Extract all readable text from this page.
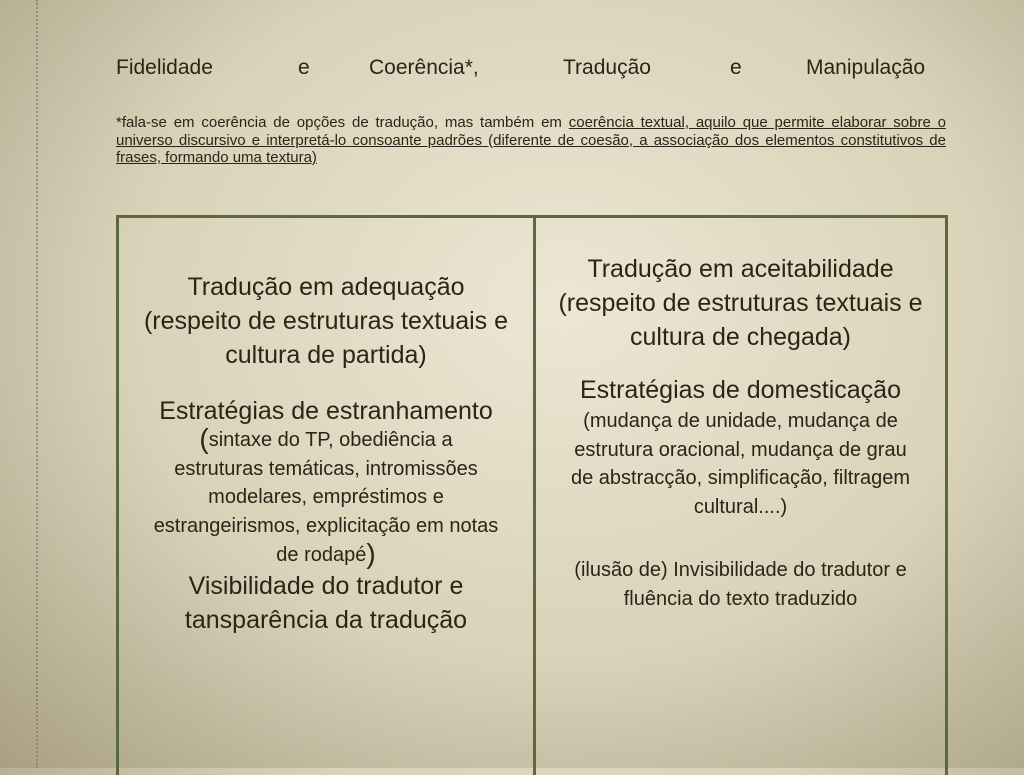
Fidelidade	e	Coerência*,	Tradução	e	Manipulação
*fala-se em coerência de opções de tradução, mas também em coerência textual, aquilo que permite elaborar sobre o universo discursivo e interpretá-lo consoante padrões (diferente de coesão, a associação dos elementos constitutivos de frases, formando uma textura)
Tradução em adequação
(respeito de estruturas textuais e
cultura de partida)
Estratégias de estranhamento
(sintaxe do TP, obediência a
estruturas temáticas, intromissões
modelares, empréstimos e
estrangeirismos, explicitação em notas
de rodapé)
Visibilidade do tradutor e
tansparência da tradução
Tradução em aceitabilidade
(respeito de estruturas textuais e
cultura de chegada)
Estratégias de domesticação
(mudança de unidade, mudança de
estrutura oracional, mudança de grau
de abstracção, simplificação, filtragem
cultural....)
(ilusão de) Invisibilidade do tradutor e
fluência do texto traduzido
